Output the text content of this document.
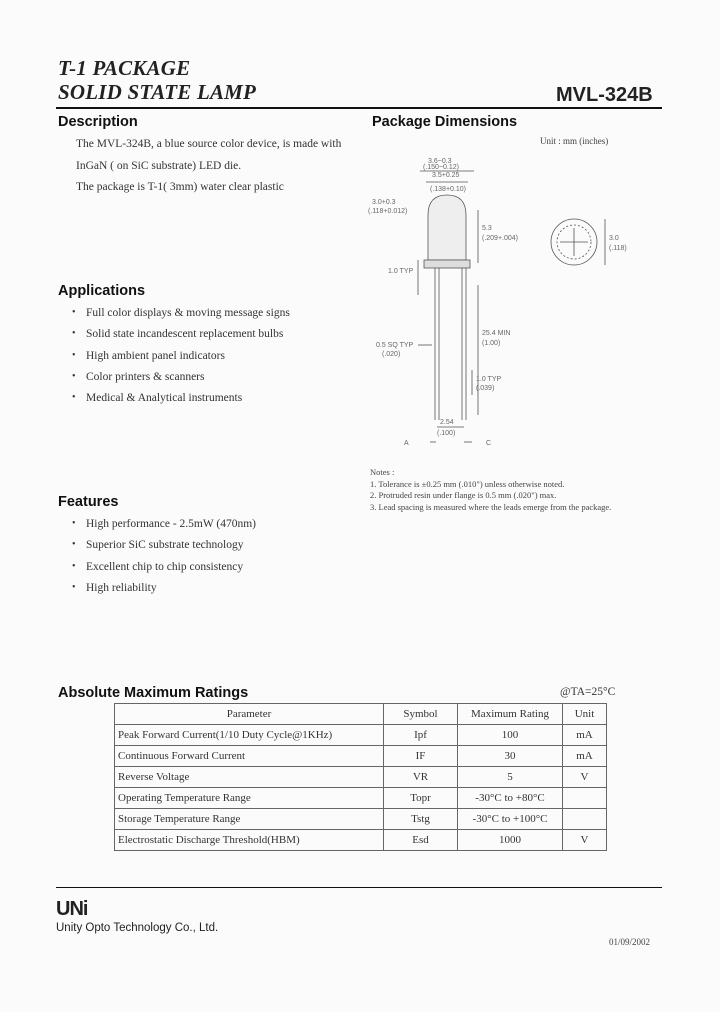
T-1 PACKAGE
SOLID STATE LAMP	MVL-324B
Description
The MVL-324B, a blue source color device, is made with
InGaN ( on SiC substrate) LED die.
The package is T-1( 3mm) water clear plastic
Applications
• Full color displays & moving message signs
• Solid state incandescent replacement bulbs
• High ambient panel indicators
• Color printers & scanners
• Medical & Analytical instruments
Features
• High performance - 2.5mW (470nm)
• Superior SiC substrate technology
• Excellent chip to chip consistency
• High reliability
Package Dimensions
Unit : mm (inches)
3.6~0.3
(.150~0.12)
3.5+0.25
(.138+0.10)
3.0+0.3
(.118+0.012)
5.3
(.209+.004)
1.0 TYP
0.5 SQ TYP
(.020)
25.4 MIN
(1.00)
1.0 TYP
(.039)
2.54
(.100)
3.0
(.118)
A	C
Notes :
1. Tolerance is ±0.25 mm (.010") unless otherwise noted.
2. Protruded resin under flange is 0.5 mm (.020") max.
3. Lead spacing is measured where the leads emerge from the package.
Absolute Maximum Ratings	@TA=25°C
Parameter	Symbol	Maximum Rating	Unit
Peak Forward Current(1/10 Duty Cycle@1KHz)	Ipf	100	mA
Continuous Forward Current	IF	30	mA
Reverse Voltage	VR	5	V
Operating Temperature Range	Topr	-30°C to +80°C	
Storage Temperature Range	Tstg	-30°C to +100°C	
Electrostatic Discharge Threshold(HBM)	Esd	1000	V
UNi
Unity Opto Technology Co., Ltd.
01/09/2002
